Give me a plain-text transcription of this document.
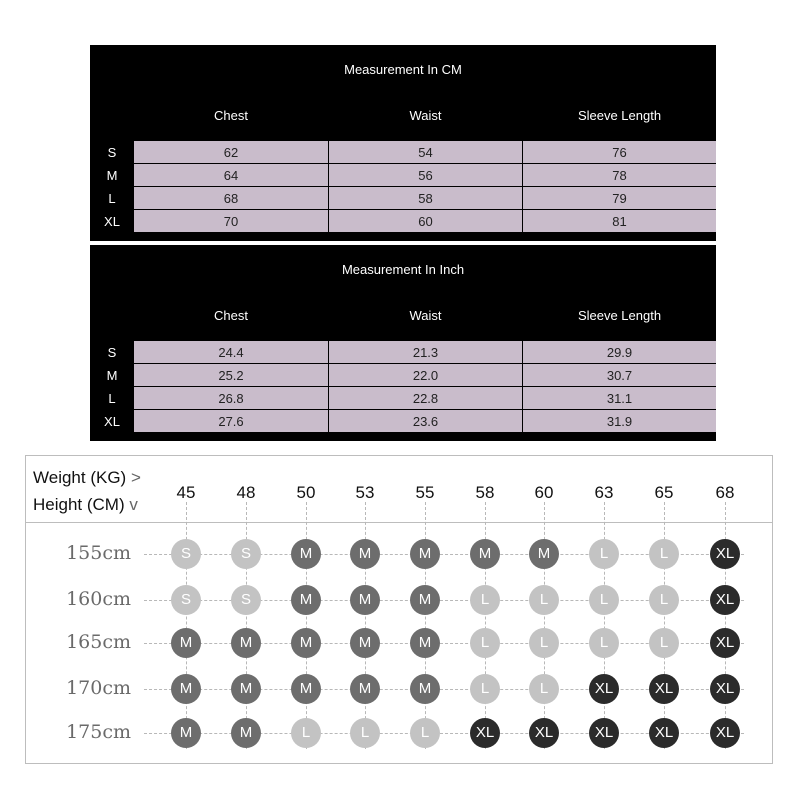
Measurement In CM
Chest	Waist	Sleeve Length
S	62	54	76
M	64	56	78
L	68	58	79
XL	70	60	81
Measurement In Inch
Chest	Waist	Sleeve Length
S	24.4	21.3	29.9
M	25.2	22.0	30.7
L	26.8	22.8	31.1
XL	27.6	23.6	31.9
Weight (KG) >
Height (CM) v
45	48	50	53	55	58	60	63	65	68
155cm	S	S	M	M	M	M	M	L	L	XL
160cm	S	S	M	M	M	L	L	L	L	XL
165cm	M	M	M	M	M	L	L	L	L	XL
170cm	M	M	M	M	M	L	L	XL	XL	XL
175cm	M	M	L	L	L	XL	XL	XL	XL	XL
